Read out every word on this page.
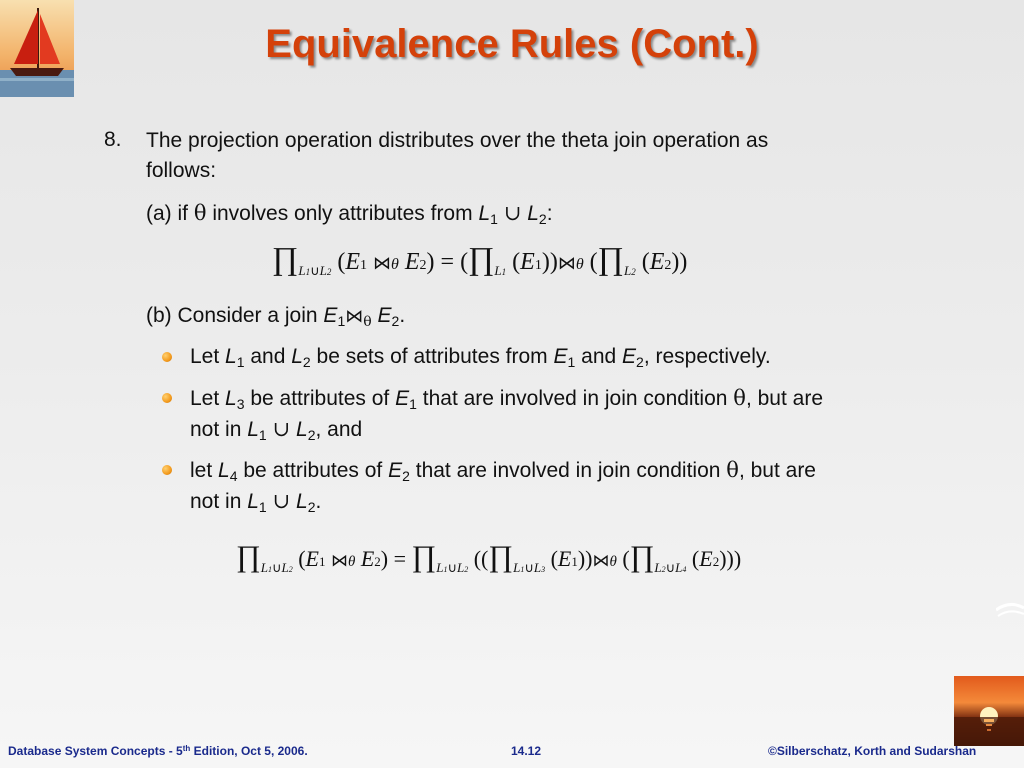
Equivalence Rules (Cont.)
8. The projection operation distributes over the theta join operation as
follows:
(a) if θ involves only attributes from $L_1$ ∪ $L_2$:
$\prod_{L1\cup L2}$ (E1 ⋈θ $E2) = (\prod_{L1}$ (E1))⋈θ ($\prod_{L2}$ (E2))
(b) Consider a join $E_1⋈_\theta$ $E_2$.
Let $L_1$ and $L_2$ be sets of attributes from $E_1$ and $E_2$, respectively.
Let $L_3$ be attributes of $E_1$ that are involved in join condition θ, but are
not in $L_1$ ∪ $L_2$, and
let $L_4$ be attributes of $E_2$ that are involved in join condition θ, but are
not in $L_1$ ∪ $L_2$.
$\prod_{L1\cup L2}$ (E1 ⋈θ $E2) = \prod_{L1\cup L2}$ (($\prod_{L1\cup L3}$ (E1))⋈θ ($\prod_{L2\cup L4}$ (E2)))
Database System Concepts - 5th Edition, Oct 5, 2006.	14.12	©Silberschatz, Korth and Sudarshan
